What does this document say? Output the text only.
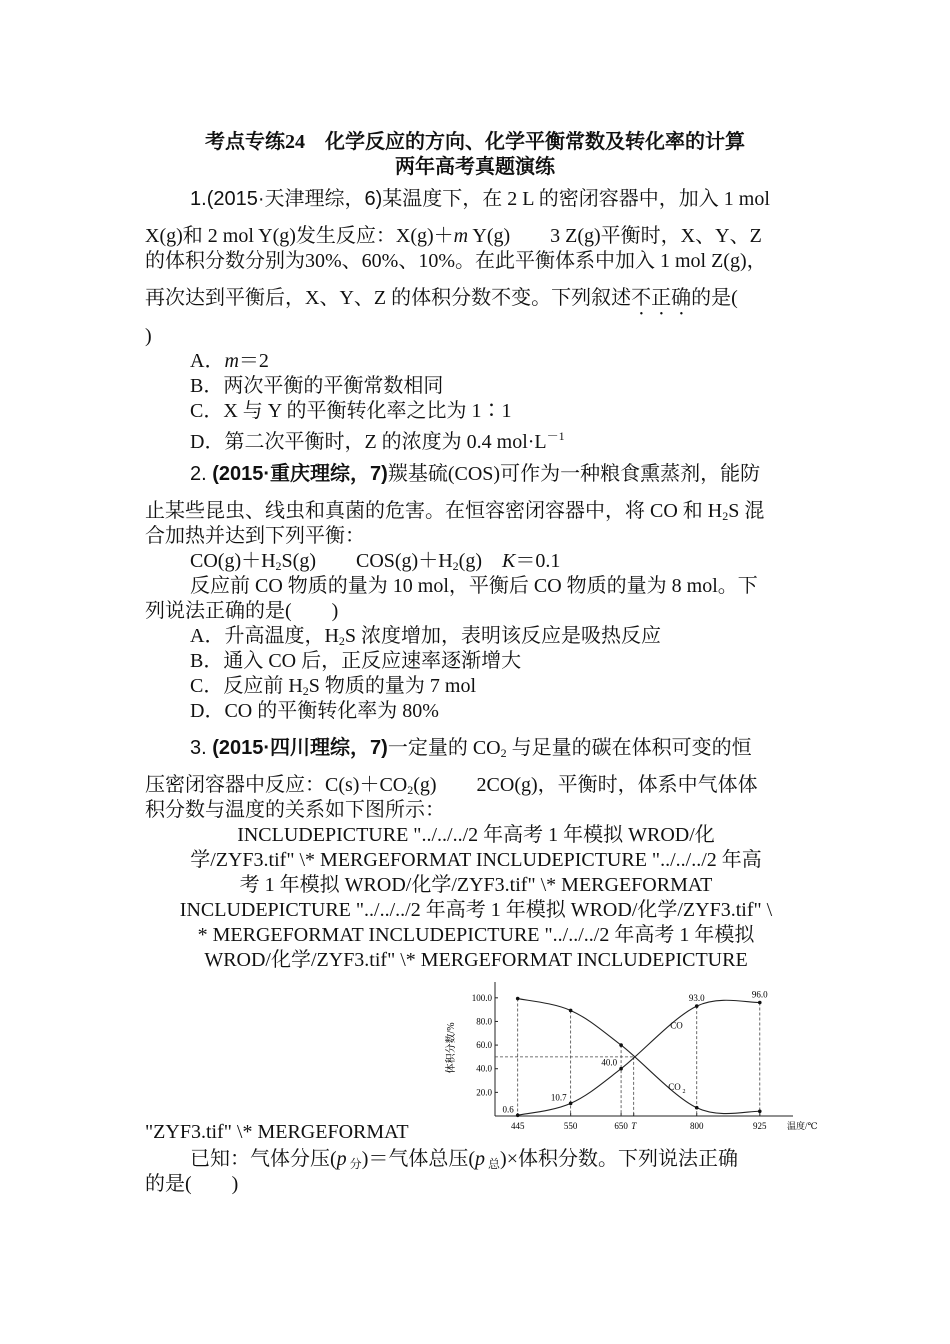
考点专练24　化学反应的方向、化学平衡常数及转化率的计算
两年高考真题演练
1.(2015·天津理综，6)某温度下，在 2 L 的密闭容器中，加入 1 mol
X(g)和 2 mol Y(g)发生反应：X(g)＋m Y(g)　　3 Z(g)平衡时，X、Y、Z
的体积分数分别为30%、60%、10%。在此平衡体系中加入 1 mol Z(g)，
再次达到平衡后，X、Y、Z 的体积分数不变。下列叙述不正确的是(
)
A．m＝2
B．两次平衡的平衡常数相同
C．X 与 Y 的平衡转化率之比为 1∶1
D．第二次平衡时，Z 的浓度为 0.4 $mol\cdot L^{-1}$
2. (2015·重庆理综，7)羰基硫(COS)可作为一种粮食熏蒸剂，能防
止某些昆虫、线虫和真菌的危害。在恒容密闭容器中，将 CO 和 $H_2S$ 混
合加热并达到下列平衡：
$CO(g)+H_2S(g)$　　$COS(g)+H_2(g)$　K＝0.1
反应前 CO 物质的量为 10 mol，平衡后 CO 物质的量为 8 mol。下
列说法正确的是(　　)
A．升高温度，$H_2S$ 浓度增加，表明该反应是吸热反应
B．通入 CO 后，正反应速率逐渐增大
C．反应前 $H_2S$ 物质的量为 7 mol
D．CO 的平衡转化率为 80%
3. (2015·四川理综，7)一定量的 $CO_2$ 与足量的碳在体积可变的恒
压密闭容器中反应：$C(s)+CO_2(g)$　　2CO(g)，平衡时，体系中气体体
积分数与温度的关系如下图所示：
INCLUDEPICTURE "../../../2 年高考 1 年模拟 WROD/化
学/ZYF3.tif" \* MERGEFORMAT INCLUDEPICTURE "../../../2 年高
考 1 年模拟 WROD/化学/ZYF3.tif" \* MERGEFORMAT
INCLUDEPICTURE "../../../2 年高考 1 年模拟 WROD/化学/ZYF3.tif" \
* MERGEFORMAT INCLUDEPICTURE "../../../2 年高考 1 年模拟
WROD/化学/ZYF3.tif" \* MERGEFORMAT INCLUDEPICTURE
体积分数/%
20.0
40.0
60.0
80.0
100.0
445	550	650 T	800	925 温度/℃
0.6
10.7
40.0
93.0	96.0
CO
CO 2
"ZYF3.tif" \* MERGEFORMAT
已知：气体分压(p $_分$)＝气体总压(p $_总$)×体积分数。下列说法正确
的是(　　)
